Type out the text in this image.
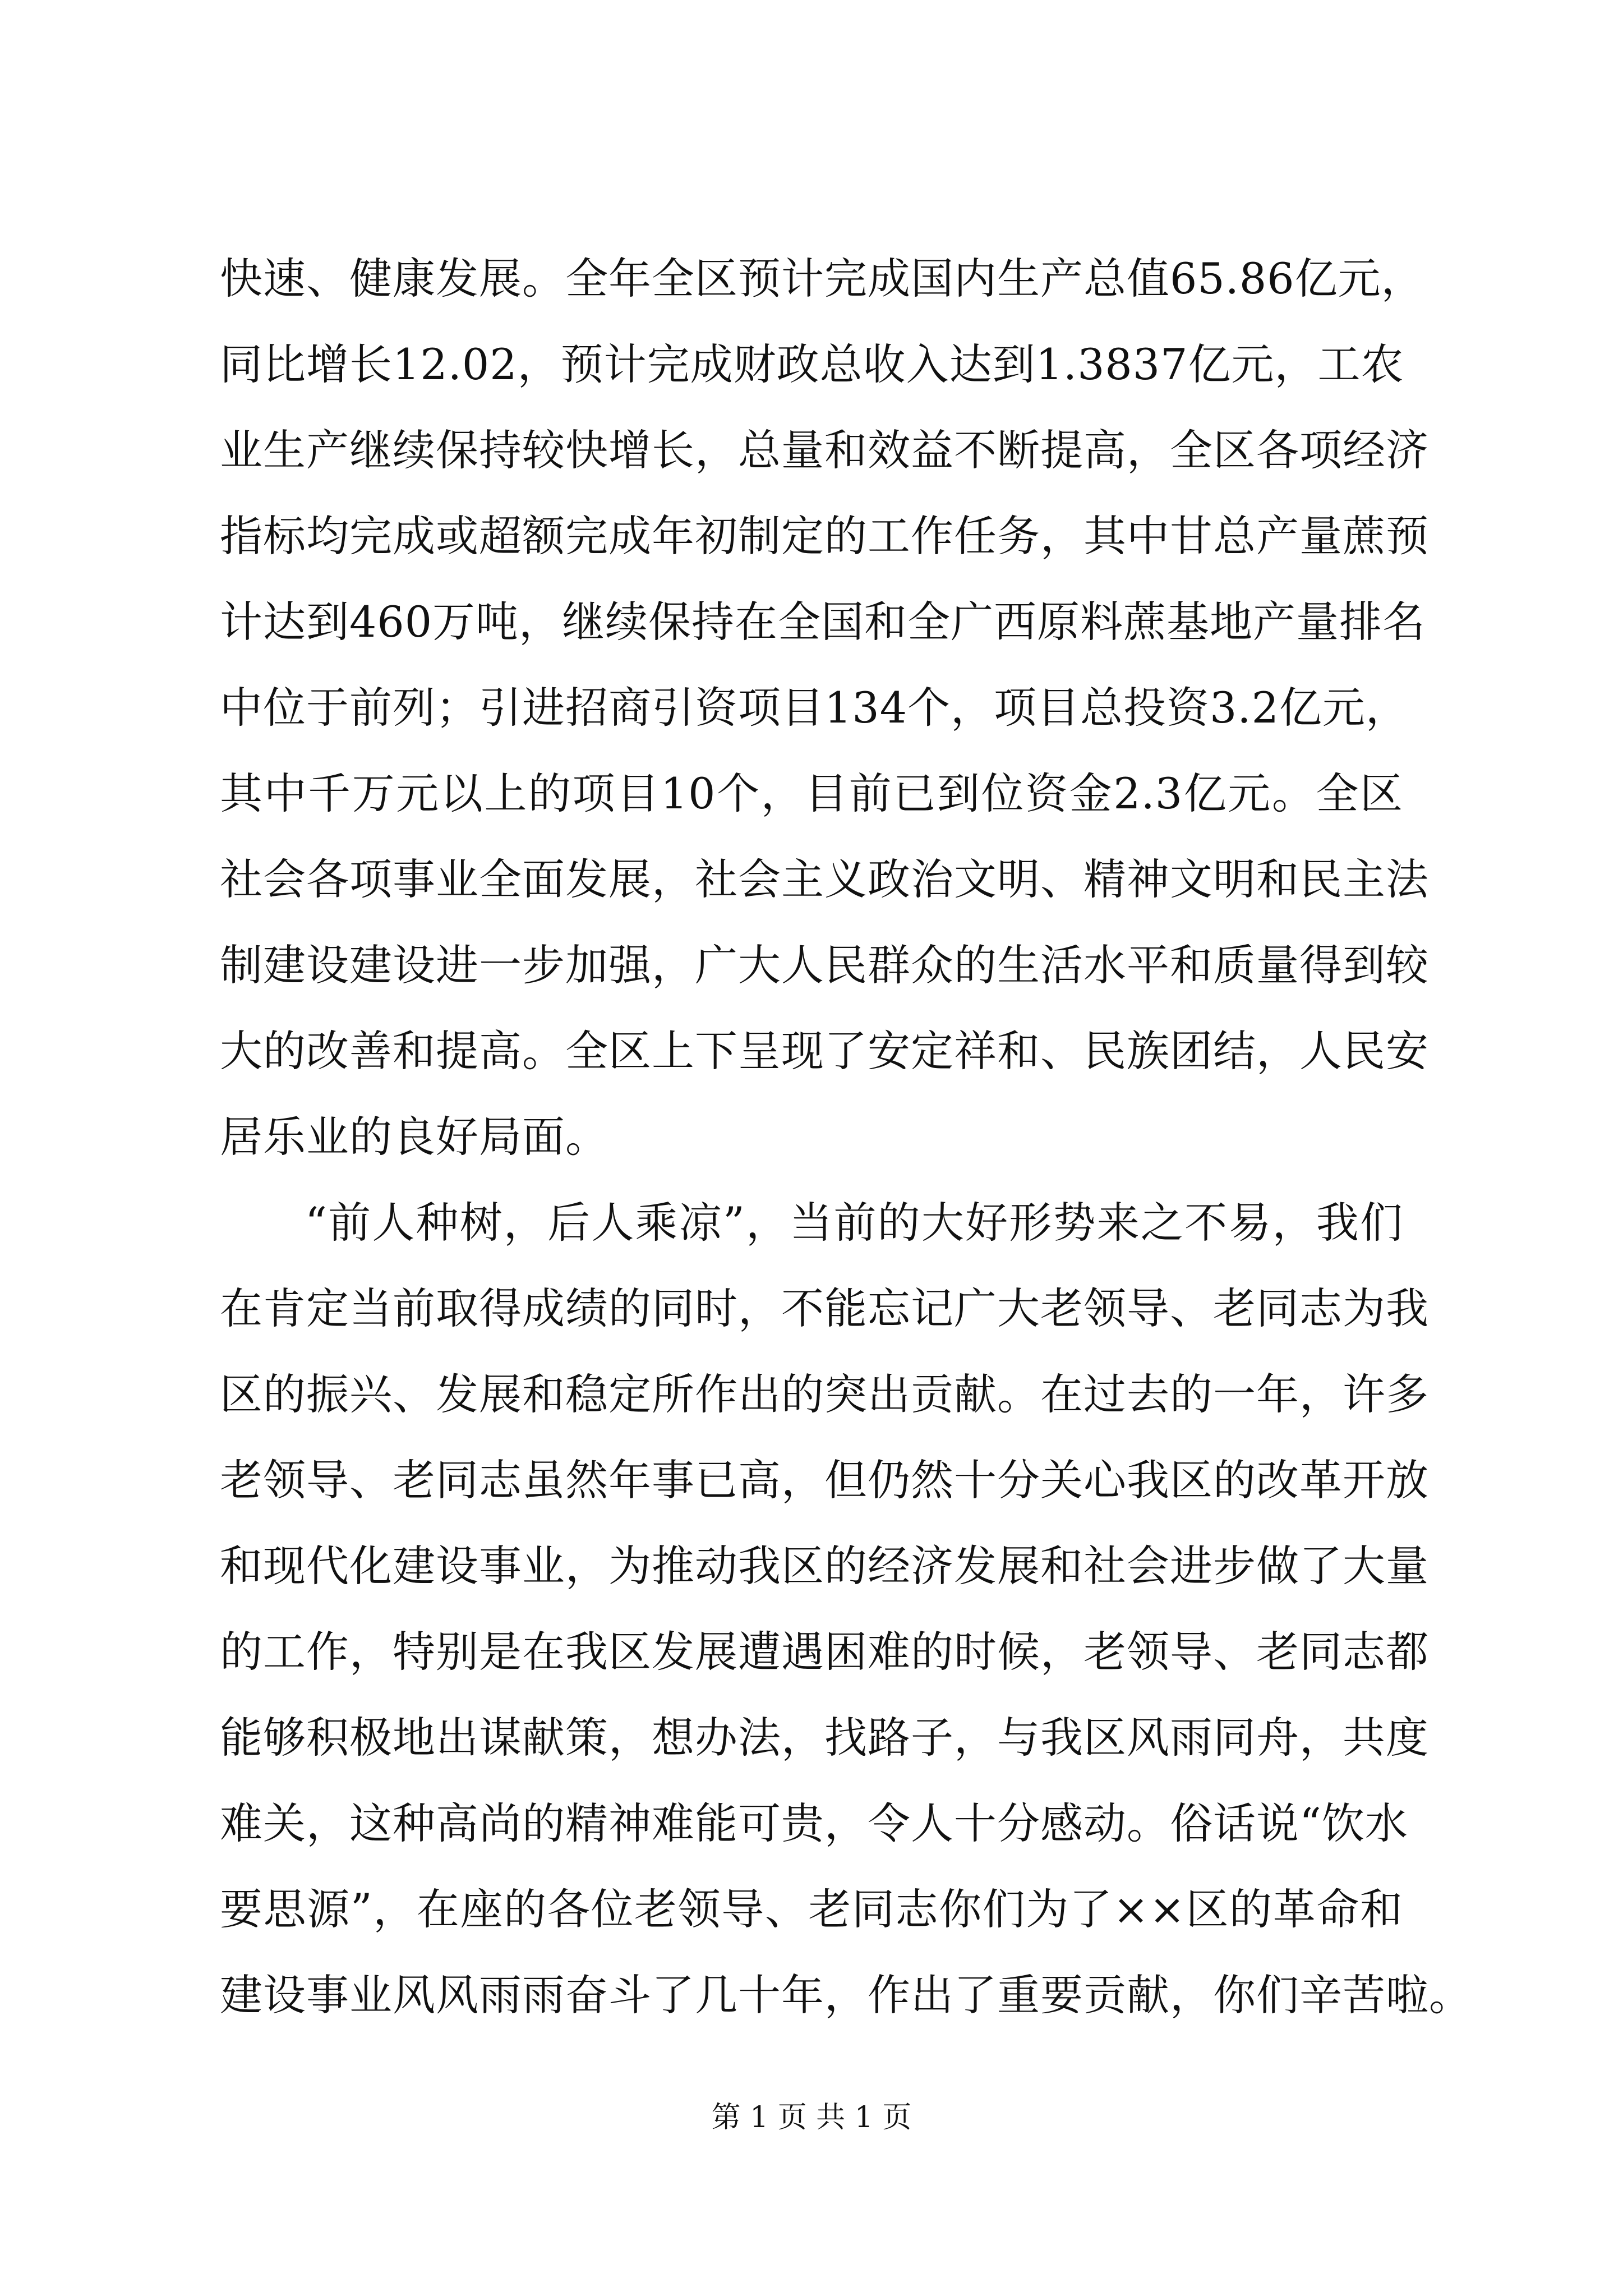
快速、健康发展。全年全区预计完成国内生产总值65.86亿元，
同比增长12.02，预计完成财政总收入达到1.3837亿元，工农
业生产继续保持较快增长，总量和效益不断提高，全区各项经济
指标均完成或超额完成年初制定的工作任务，其中甘总产量蔗预
计达到460万吨，继续保持在全国和全广西原料蔗基地产量排名
中位于前列；引进招商引资项目134个，项目总投资3.2亿元，
其中千万元以上的项目10个，目前已到位资金2.3亿元。全区
社会各项事业全面发展，社会主义政治文明、精神文明和民主法
制建设建设进一步加强，广大人民群众的生活水平和质量得到较
大的改善和提高。全区上下呈现了安定祥和、民族团结，人民安
居乐业的良好局面。
“前人种树，后人乘凉”，当前的大好形势来之不易，我们
在肯定当前取得成绩的同时，不能忘记广大老领导、老同志为我
区的振兴、发展和稳定所作出的突出贡献。在过去的一年，许多
老领导、老同志虽然年事已高，但仍然十分关心我区的改革开放
和现代化建设事业，为推动我区的经济发展和社会进步做了大量
的工作，特别是在我区发展遭遇困难的时候，老领导、老同志都
能够积极地出谋献策，想办法，找路子，与我区风雨同舟，共度
难关，这种高尚的精神难能可贵，令人十分感动。俗话说“饮水
要思源”，在座的各位老领导、老同志你们为了××区的革命和
建设事业风风雨雨奋斗了几十年，作出了重要贡献，你们辛苦啦。
第 1 页 共 1 页
